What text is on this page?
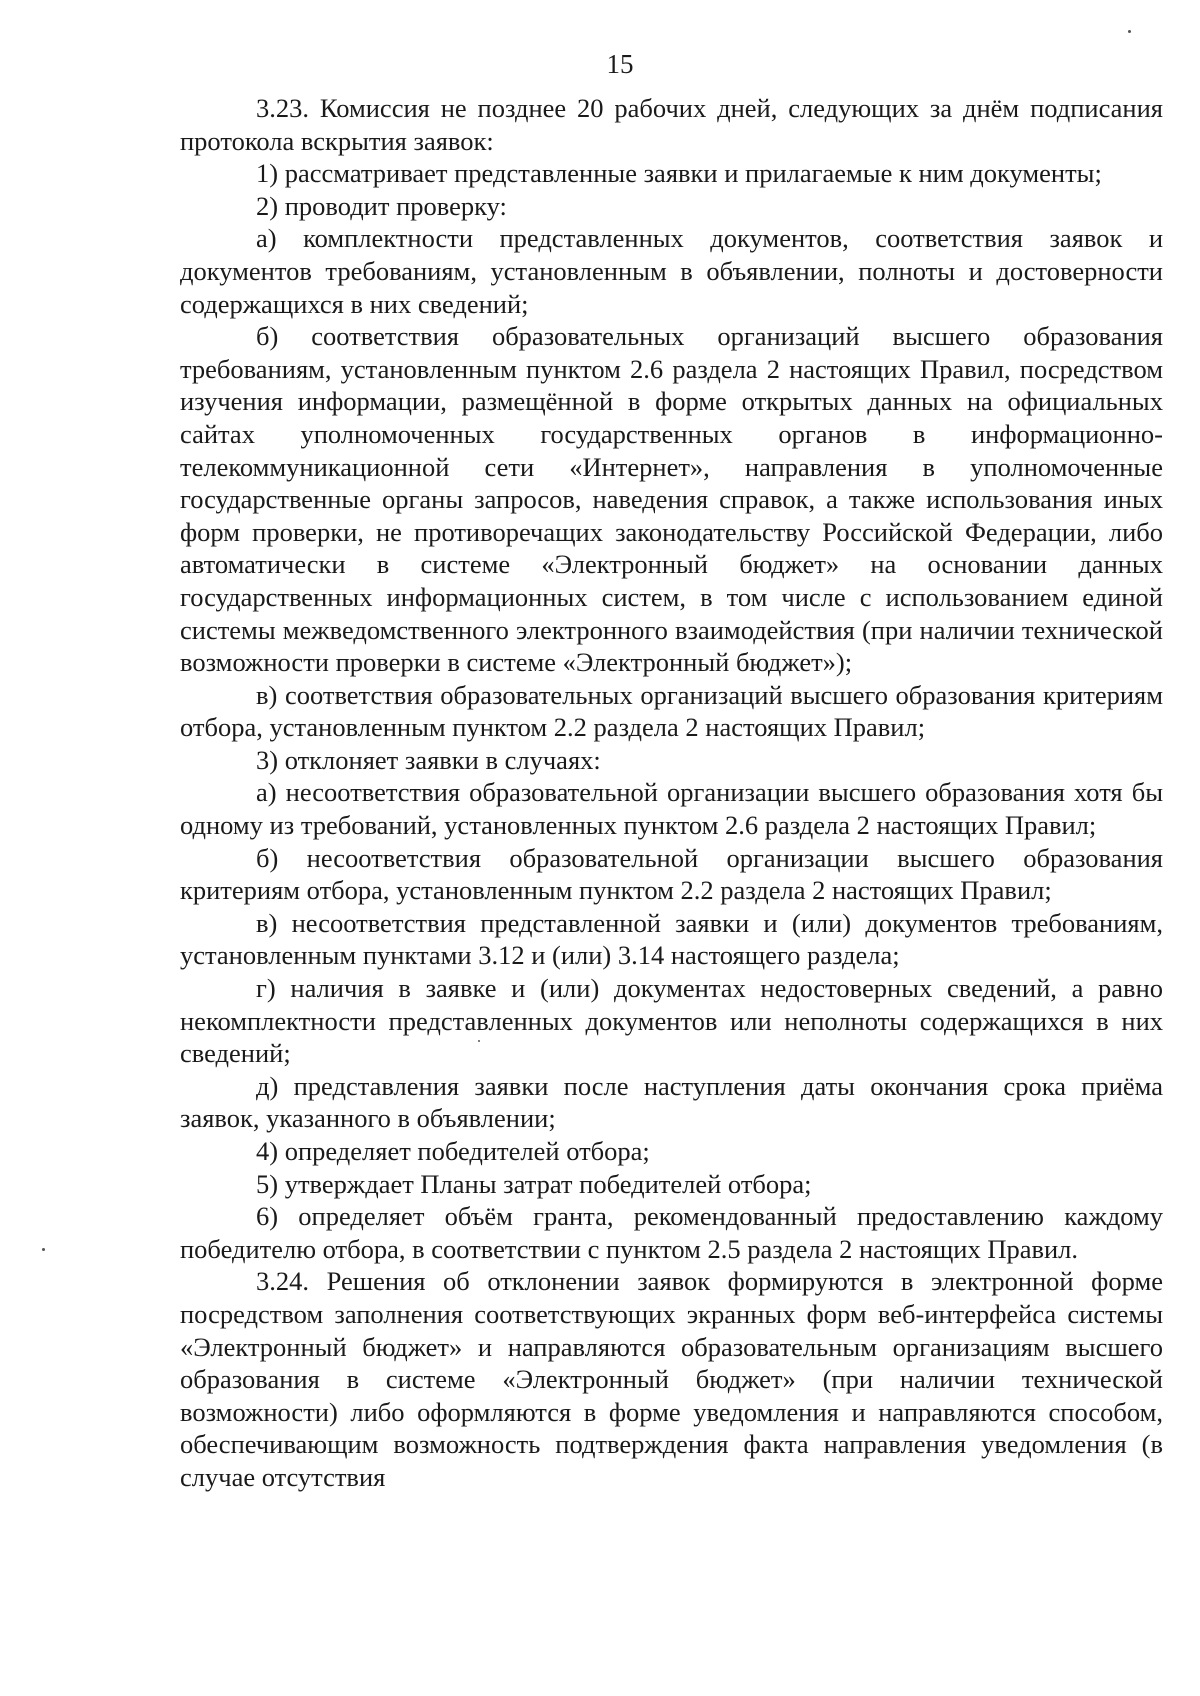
15

3.23. Комиссия не позднее 20 рабочих дней, следующих за днём подписания протокола вскрытия заявок:

1) рассматривает представленные заявки и прилагаемые к ним документы;

2) проводит проверку:

а) комплектности представленных документов, соответствия заявок и документов требованиям, установленным в объявлении, полноты и достоверности содержащихся в них сведений;

б) соответствия образовательных организаций высшего образования требованиям, установленным пунктом 2.6 раздела 2 настоящих Правил, посредством изучения информации, размещённой в форме открытых данных на официальных сайтах уполномоченных государственных органов в информационно-телекоммуникационной сети «Интернет», направления в уполномоченные государственные органы запросов, наведения справок, а также использования иных форм проверки, не противоречащих законодательству Российской Федерации, либо автоматически в системе «Электронный бюджет» на основании данных государственных информационных систем, в том числе с использованием единой системы межведомственного электронного взаимодействия (при наличии технической возможности проверки в системе «Электронный бюджет»);

в) соответствия образовательных организаций высшего образования критериям отбора, установленным пунктом 2.2 раздела 2 настоящих Правил;

3) отклоняет заявки в случаях:

а) несоответствия образовательной организации высшего образования хотя бы одному из требований, установленных пунктом 2.6 раздела 2 настоящих Правил;

б) несоответствия образовательной организации высшего образования критериям отбора, установленным пунктом 2.2 раздела 2 настоящих Правил;

в) несоответствия представленной заявки и (или) документов требованиям, установленным пунктами 3.12 и (или) 3.14 настоящего раздела;

г) наличия в заявке и (или) документах недостоверных сведений, а равно некомплектности представленных документов или неполноты содержащихся в них сведений;

д) представления заявки после наступления даты окончания срока приёма заявок, указанного в объявлении;

4) определяет победителей отбора;

5) утверждает Планы затрат победителей отбора;

6) определяет объём гранта, рекомендованный предоставлению каждому победителю отбора, в соответствии с пунктом 2.5 раздела 2 настоящих Правил.

3.24. Решения об отклонении заявок формируются в электронной форме посредством заполнения соответствующих экранных форм веб-интерфейса системы «Электронный бюджет» и направляются образовательным организациям высшего образования в системе «Электронный бюджет» (при наличии технической возможности) либо оформляются в форме уведомления и направляются способом, обеспечивающим возможность подтверждения факта направления уведомления (в случае отсутствия
